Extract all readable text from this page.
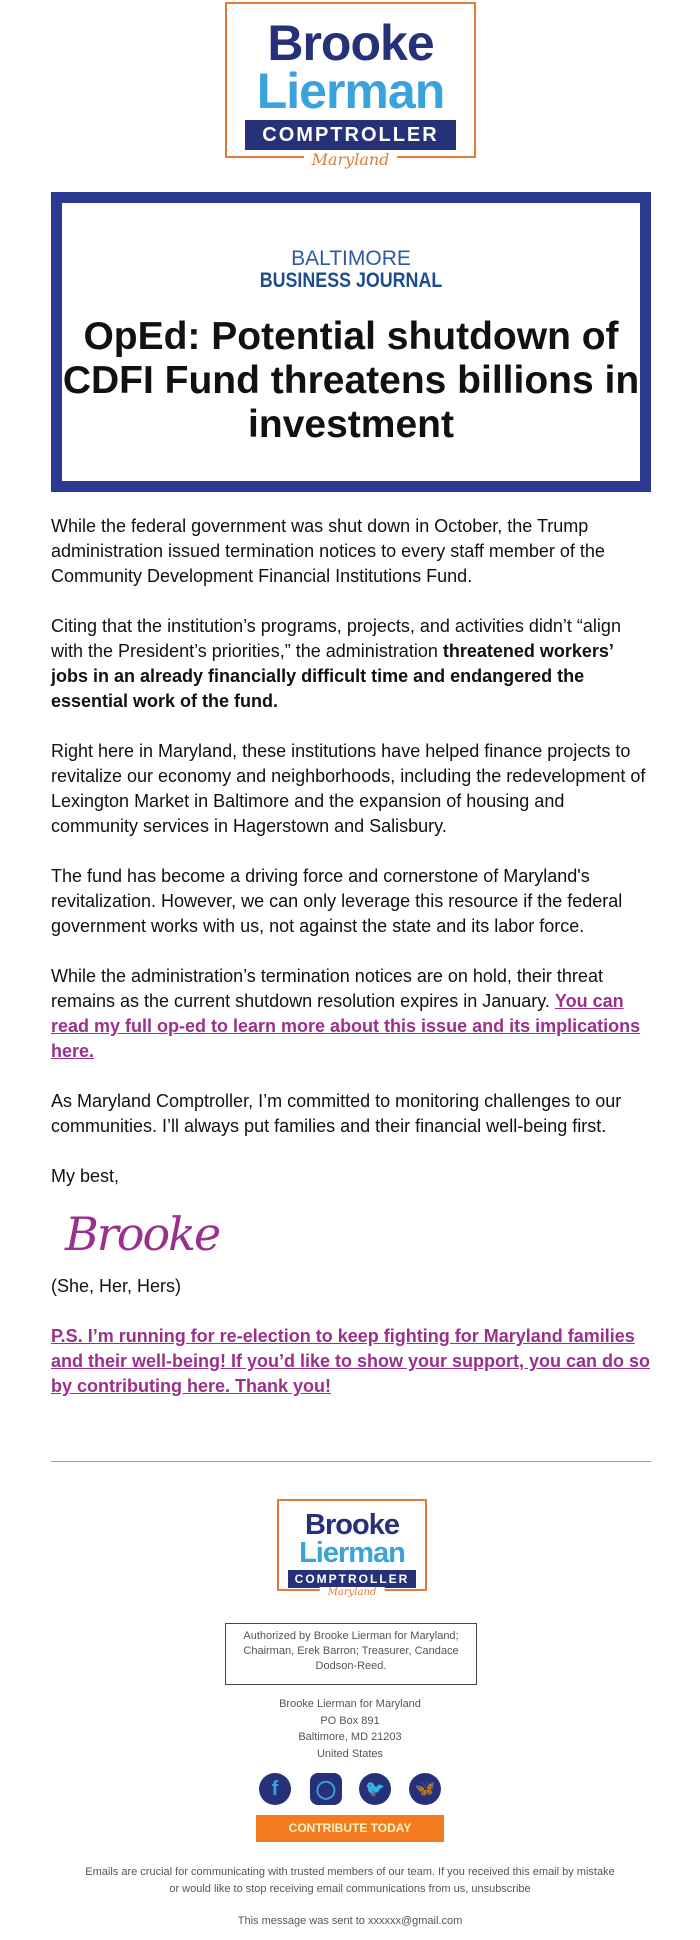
Brooke
Lierman
COMPTROLLER
Maryland
BALTIMORE
BUSINESS JOURNAL
OpEd: Potential shutdown of CDFI Fund threatens billions in investment

While the federal government was shut down in October, the Trump administration issued termination notices to every staff member of the Community Development Financial Institutions Fund.

Citing that the institution’s programs, projects, and activities didn’t “align with the President’s priorities,” the administration threatened workers’ jobs in an already financially difficult time and endangered the essential work of the fund.

Right here in Maryland, these institutions have helped finance projects to revitalize our economy and neighborhoods, including the redevelopment of Lexington Market in Baltimore and the expansion of housing and community services in Hagerstown and Salisbury.

The fund has become a driving force and cornerstone of Maryland's revitalization. However, we can only leverage this resource if the federal government works with us, not against the state and its labor force.

While the administration’s termination notices are on hold, their threat remains as the current shutdown resolution expires in January. You can read my full op-ed to learn more about this issue and its implications here.

As Maryland Comptroller, I’m committed to monitoring challenges to our communities. I’ll always put families and their financial well-being first.

My best,

Brooke

(She, Her, Hers)

P.S. I’m running for re-election to keep fighting for Maryland families and their well-being! If you’d like to show your support, you can do so by contributing here. Thank you!

Brooke
Lierman
COMPTROLLER
Maryland
Authorized by Brooke Lierman for Maryland; Chairman, Erek Barron; Treasurer, Candace Dodson-Reed.
Brooke Lierman for Maryland
PO Box 891
Baltimore, MD 21203
United States
f	◯	🐦	🦋
CONTRIBUTE TODAY
Emails are crucial for communicating with trusted members of our team. If you received this email by mistake or would like to stop receiving email communications from us, unsubscribe
This message was sent to xxxxxx@gmail.com
